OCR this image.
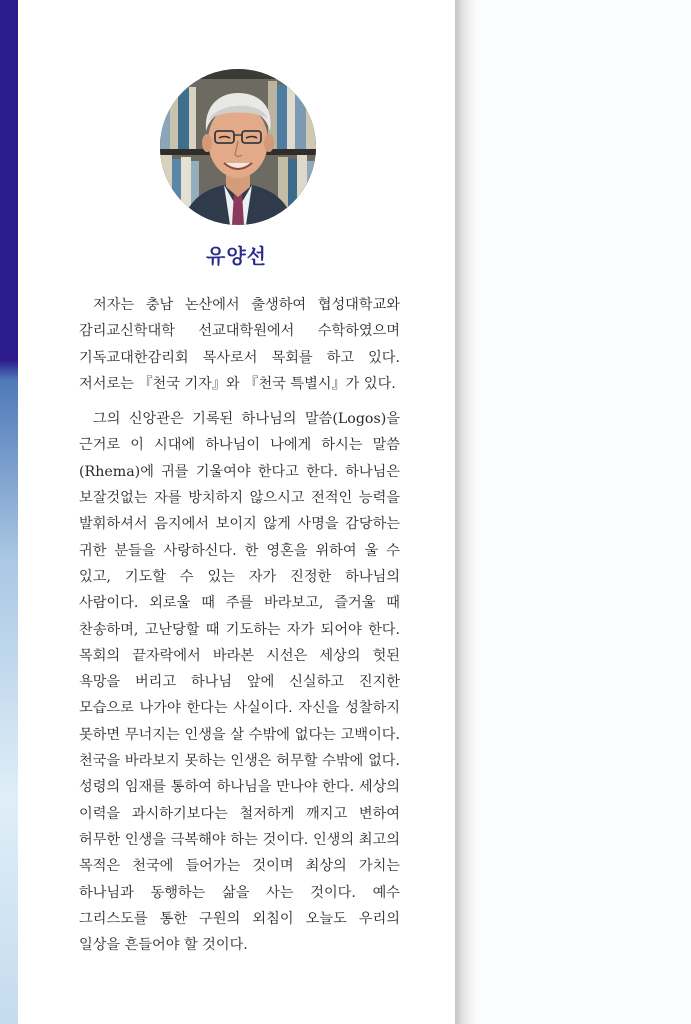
유양선

저자는 충남 논산에서 출생하여 협성대학교와 감리교신학대학 선교대학원에서 수학하였으며 기독교대한감리회 목사로서 목회를 하고 있다. 저서로는 『천국 기자』와 『천국 특별시』가 있다.

그의 신앙관은 기록된 하나님의 말씀(Logos)을 근거로 이 시대에 하나님이 나에게 하시는 말씀(Rhema)에 귀를 기울여야 한다고 한다. 하나님은 보잘것없는 자를 방치하지 않으시고 전적인 능력을 발휘하셔서 음지에서 보이지 않게 사명을 감당하는 귀한 분들을 사랑하신다. 한 영혼을 위하여 울 수 있고, 기도할 수 있는 자가 진정한 하나님의 사람이다. 외로울 때 주를 바라보고, 즐거울 때 찬송하며, 고난당할 때 기도하는 자가 되어야 한다. 목회의 끝자락에서 바라본 시선은 세상의 헛된 욕망을 버리고 하나님 앞에 신실하고 진지한 모습으로 나가야 한다는 사실이다. 자신을 성찰하지 못하면 무너지는 인생을 살 수밖에 없다는 고백이다. 천국을 바라보지 못하는 인생은 허무할 수밖에 없다. 성령의 임재를 통하여 하나님을 만나야 한다. 세상의 이력을 과시하기보다는 철저하게 깨지고 변하여 허무한 인생을 극복해야 하는 것이다. 인생의 최고의 목적은 천국에 들어가는 것이며 최상의 가치는 하나님과 동행하는 삶을 사는 것이다. 예수 그리스도를 통한 구원의 외침이 오늘도 우리의 일상을 흔들어야 할 것이다.
